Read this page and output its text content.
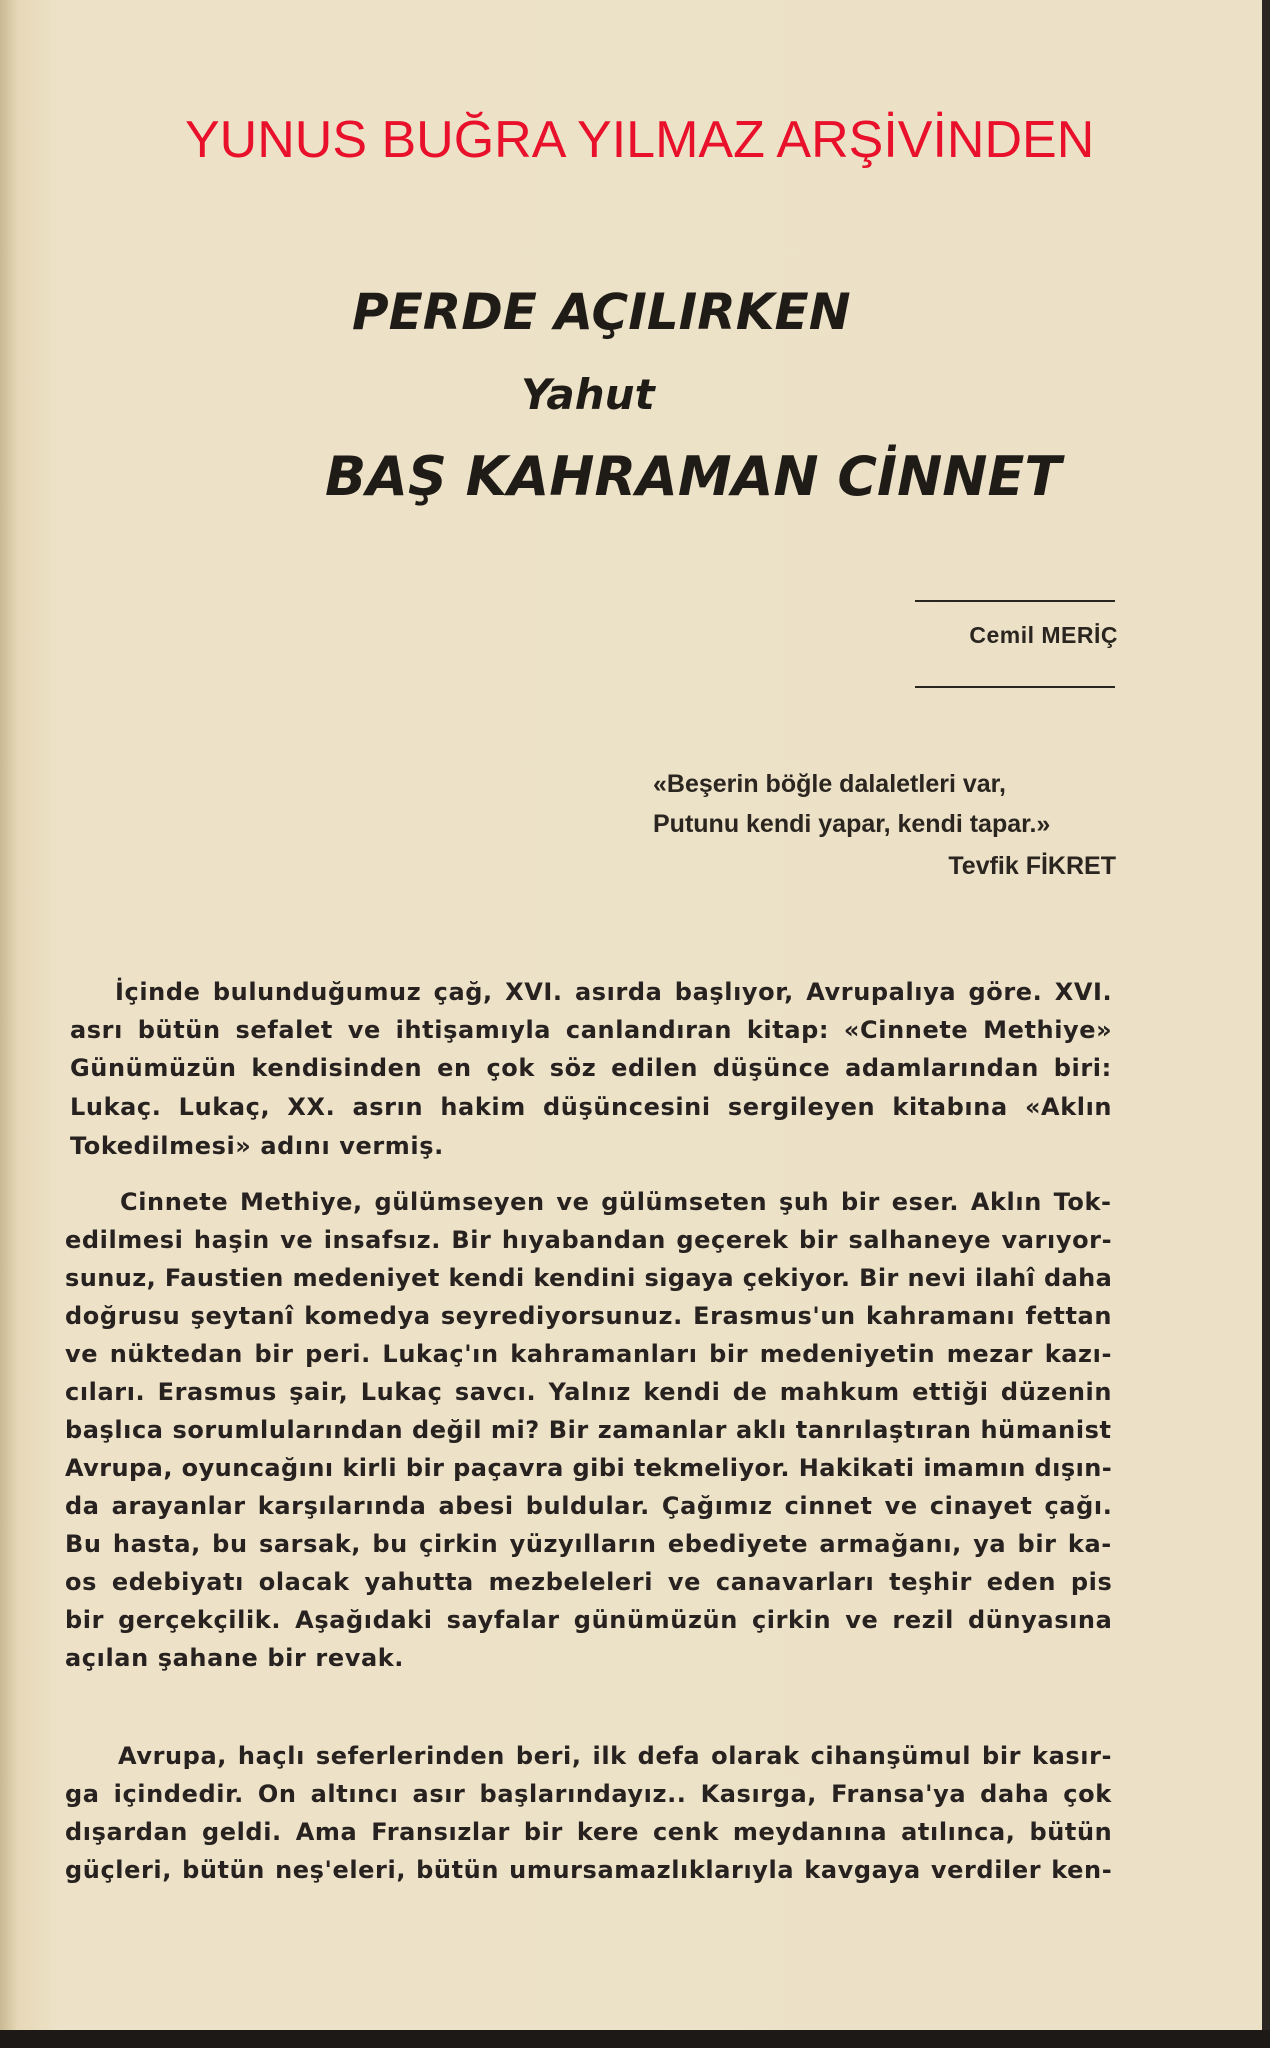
YUNUS BUĞRA YILMAZ ARŞİVİNDEN
PERDE AÇILIRKEN
Yahut
BAŞ KAHRAMAN CİNNET
Cemil MERİÇ
«Beşerin böğle dalaletleri var,
Putunu kendi yapar, kendi tapar.»
Tevfik FİKRET
İçinde bulunduğumuz çağ, XVI. asırda başlıyor, Avrupalıya göre. XVI.
asrı bütün sefalet ve ihtişamıyla canlandıran kitap: «Cinnete Methiye»
Günümüzün kendisinden en çok söz edilen düşünce adamlarından biri:
Lukaç. Lukaç, XX. asrın hakim düşüncesini sergileyen kitabına «Aklın
Tokedilmesi» adını vermiş.
Cinnete Methiye, gülümseyen ve gülümseten şuh bir eser. Aklın Tok-
edilmesi haşin ve insafsız. Bir hıyabandan geçerek bir salhaneye varıyor-
sunuz, Faustien medeniyet kendi kendini sigaya çekiyor. Bir nevi ilahî daha
doğrusu şeytanî komedya seyrediyorsunuz. Erasmus'un kahramanı fettan
ve nüktedan bir peri. Lukaç'ın kahramanları bir medeniyetin mezar kazı-
cıları. Erasmus şair, Lukaç savcı. Yalnız kendi de mahkum ettiği düzenin
başlıca sorumlularından değil mi? Bir zamanlar aklı tanrılaştıran hümanist
Avrupa, oyuncağını kirli bir paçavra gibi tekmeliyor. Hakikati imamın dışın-
da arayanlar karşılarında abesi buldular. Çağımız cinnet ve cinayet çağı.
Bu hasta, bu sarsak, bu çirkin yüzyılların ebediyete armağanı, ya bir ka-
os edebiyatı olacak yahutta mezbeleleri ve canavarları teşhir eden pis
bir gerçekçilik. Aşağıdaki sayfalar günümüzün çirkin ve rezil dünyasına
açılan şahane bir revak.
Avrupa, haçlı seferlerinden beri, ilk defa olarak cihanşümul bir kasır-
ga içindedir. On altıncı asır başlarındayız.. Kasırga, Fransa'ya daha çok
dışardan geldi. Ama Fransızlar bir kere cenk meydanına atılınca, bütün
güçleri, bütün neş'eleri, bütün umursamazlıklarıyla kavgaya verdiler ken-
